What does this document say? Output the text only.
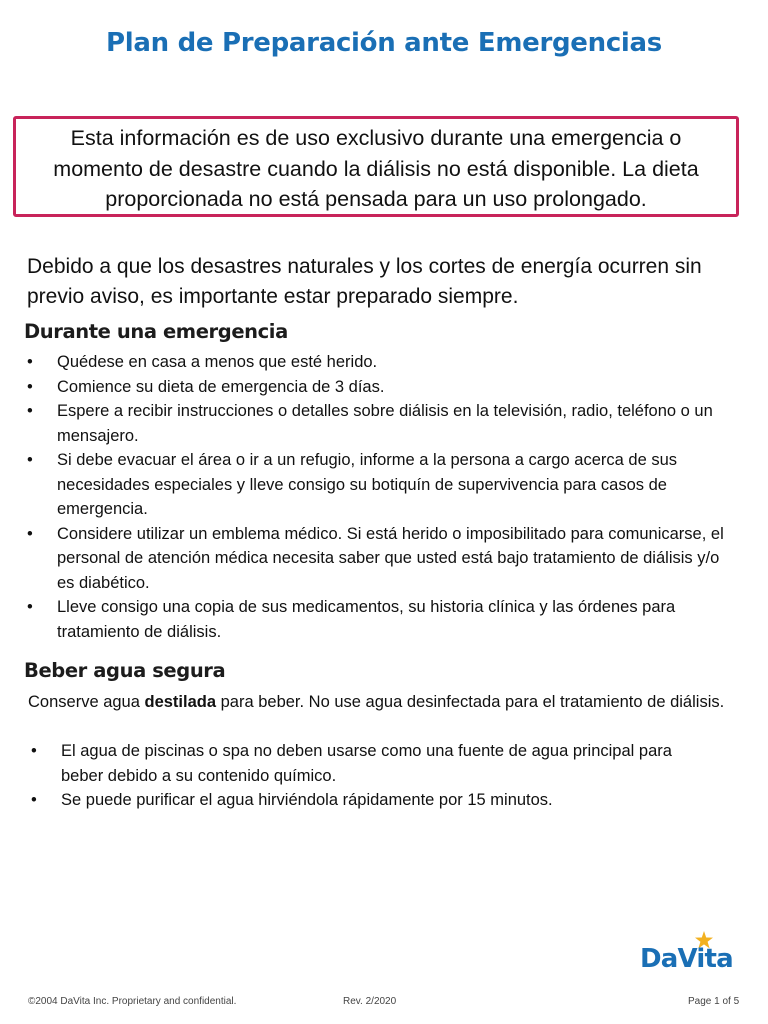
Plan de Preparación ante Emergencias
Esta información es de uso exclusivo durante una emergencia o momento de desastre cuando la diálisis no está disponible. La dieta proporcionada no está pensada para un uso prolongado.
Debido a que los desastres naturales y los cortes de energía ocurren sin previo aviso, es importante estar preparado siempre.
Durante una emergencia
• Quédese en casa a menos que esté herido.
• Comience su dieta de emergencia de 3 días.
• Espere a recibir instrucciones o detalles sobre diálisis en la televisión, radio, teléfono o un mensajero.
• Si debe evacuar el área o ir a un refugio, informe a la persona a cargo acerca de sus necesidades especiales y lleve consigo su botiquín de supervivencia para casos de emergencia.
• Considere utilizar un emblema médico. Si está herido o imposibilitado para comunicarse, el personal de atención médica necesita saber que usted está bajo tratamiento de diálisis y/o es diabético.
• Lleve consigo una copia de sus medicamentos, su historia clínica y las órdenes para tratamiento de diálisis.
Beber agua segura
Conserve agua destilada para beber. No use agua desinfectada para el tratamiento de diálisis.
• El agua de piscinas o spa no deben usarse como una fuente de agua principal para beber debido a su contenido químico.
• Se puede purificar el agua hirviéndola rápidamente por 15 minutos.
DaVita
©2004 DaVita Inc. Proprietary and confidential.	Rev. 2/2020	Page 1 of 5
